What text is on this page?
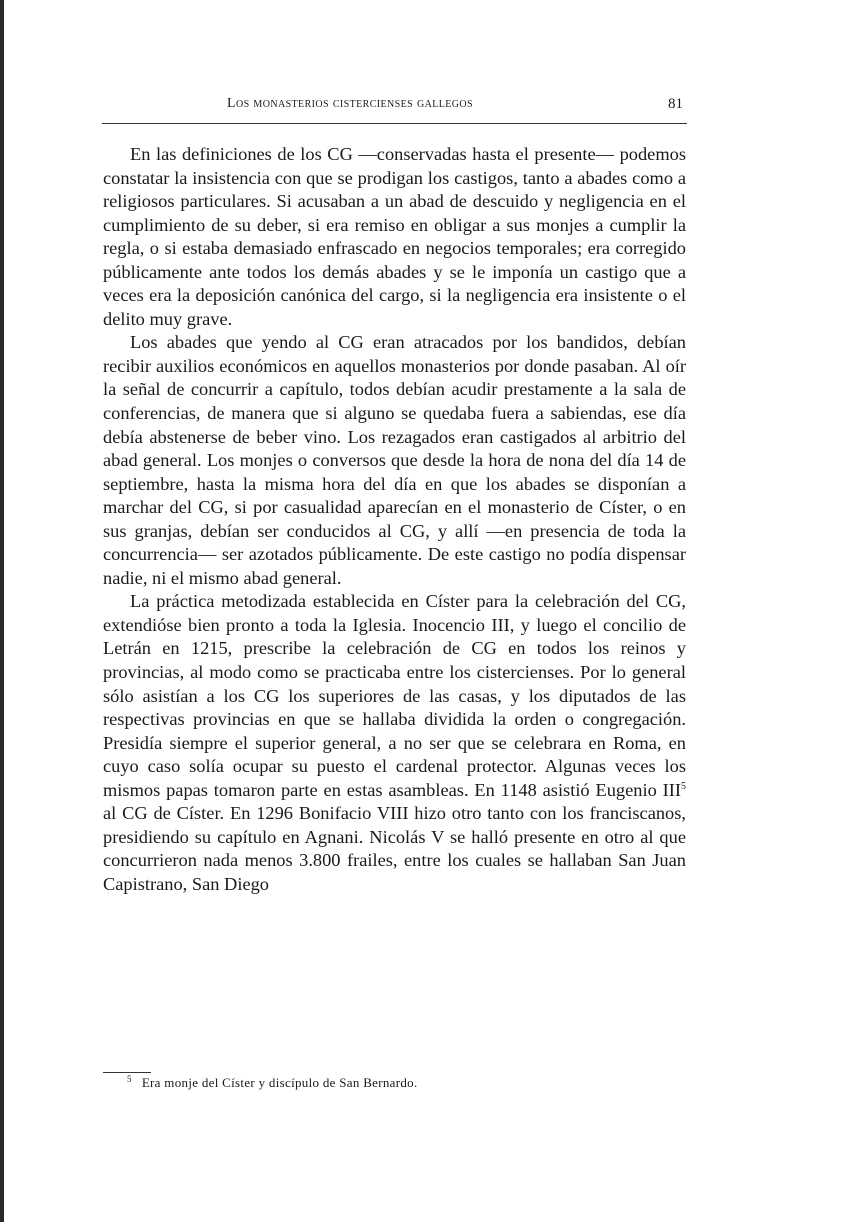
Los monasterios cistercienses gallegos	81

En las definiciones de los CG —conservadas hasta el presente— podemos constatar la insistencia con que se prodigan los castigos, tanto a abades como a religiosos particulares. Si acusaban a un abad de descuido y negligencia en el cumplimiento de su deber, si era remiso en obligar a sus monjes a cumplir la regla, o si estaba demasiado enfrascado en negocios temporales; era corregido públicamente ante todos los demás abades y se le imponía un castigo que a veces era la deposición canónica del cargo, si la negligencia era insistente o el delito muy grave.

Los abades que yendo al CG eran atracados por los bandidos, debían recibir auxilios económicos en aquellos monasterios por donde pasaban. Al oír la señal de concurrir a capítulo, todos debían acudir prestamente a la sala de conferencias, de manera que si alguno se quedaba fuera a sabiendas, ese día debía abstenerse de beber vino. Los rezagados eran castigados al arbitrio del abad general. Los monjes o conversos que desde la hora de nona del día 14 de septiembre, hasta la misma hora del día en que los abades se disponían a marchar del CG, si por casualidad aparecían en el monasterio de Císter, o en sus granjas, debían ser conducidos al CG, y allí —en presencia de toda la concurrencia— ser azotados públicamente. De este castigo no podía dispensar nadie, ni el mismo abad general.

La práctica metodizada establecida en Císter para la celebración del CG, extendióse bien pronto a toda la Iglesia. Inocencio III, y luego el concilio de Letrán en 1215, prescribe la celebración de CG en todos los reinos y provincias, al modo como se practicaba entre los cistercienses. Por lo general sólo asistían a los CG los superiores de las casas, y los diputados de las respectivas provincias en que se hallaba dividida la orden o congregación. Presidía siempre el superior general, a no ser que se celebrara en Roma, en cuyo caso solía ocupar su puesto el cardenal protector. Algunas veces los mismos papas tomaron parte en estas asambleas. En 1148 asistió Eugenio III$^5$ al CG de Císter. En 1296 Bonifacio VIII hizo otro tanto con los franciscanos, presidiendo su capítulo en Agnani. Nicolás V se halló presente en otro al que concurrieron nada menos 3.800 frailes, entre los cuales se hallaban San Juan Capistrano, San Diego

$^5$ Era monje del Císter y discípulo de San Bernardo.
